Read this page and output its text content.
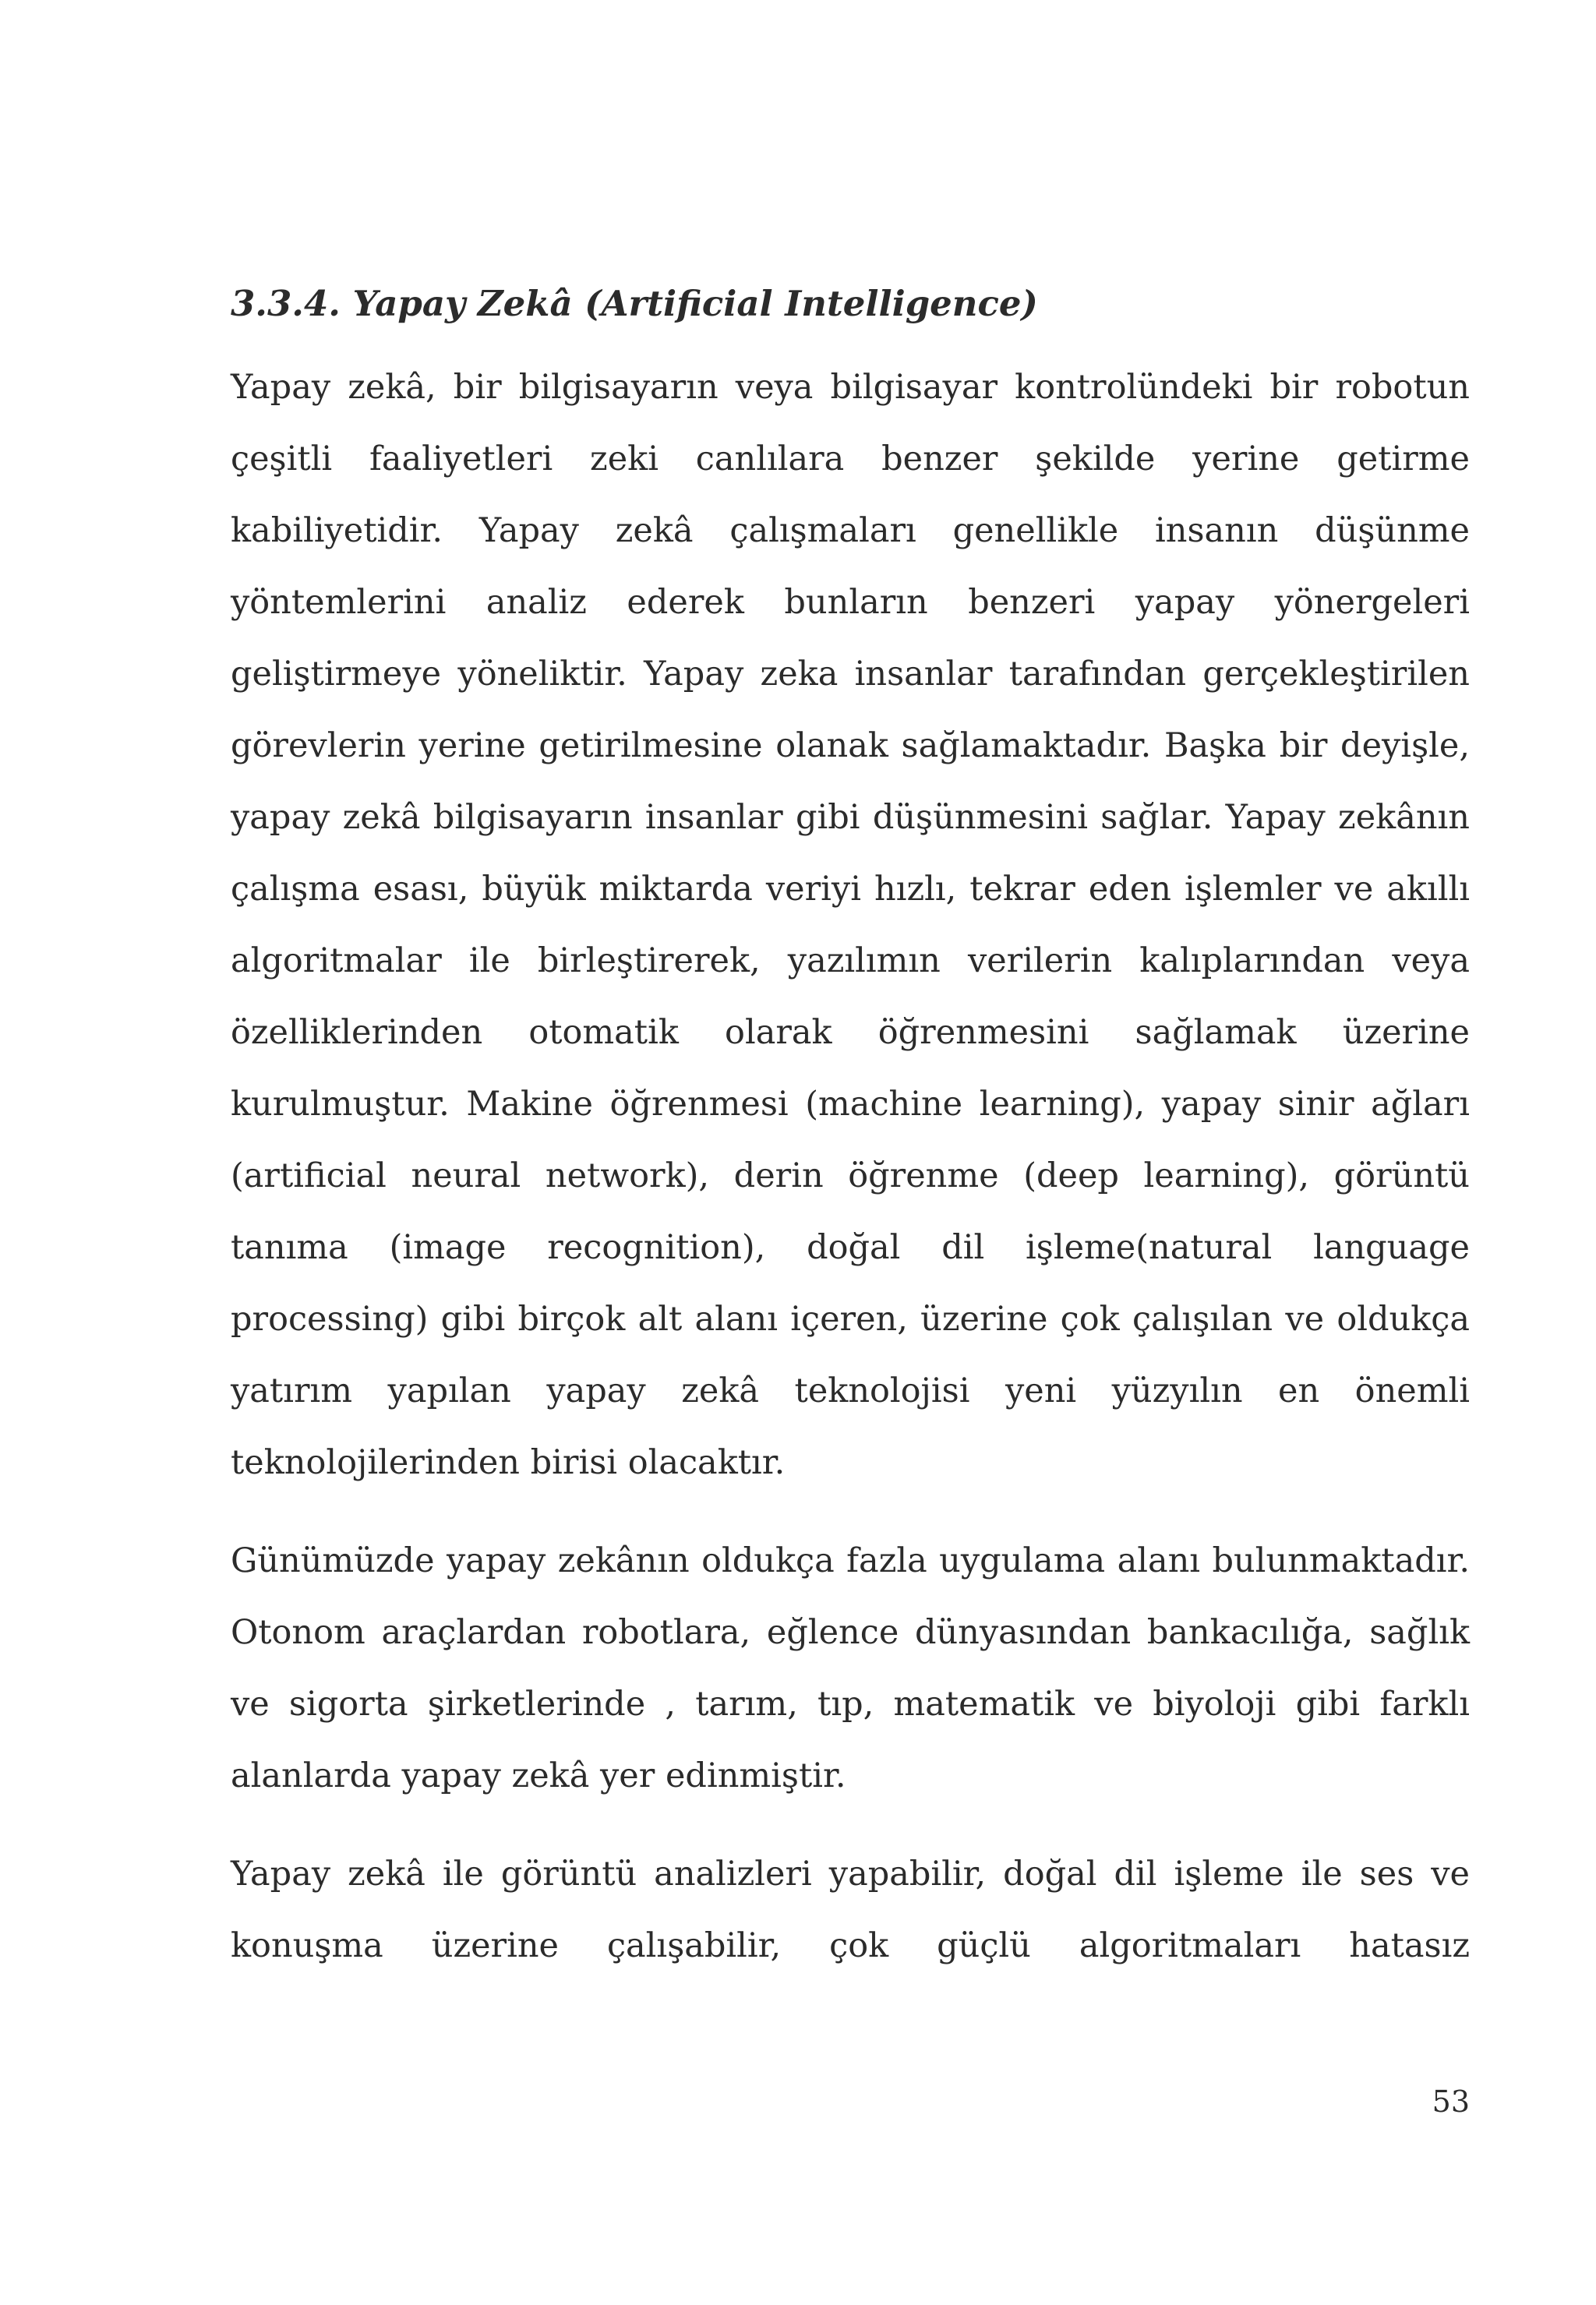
3.3.4. Yapay Zekâ (Artificial Intelligence)

Yapay zekâ, bir bilgisayarın veya bilgisayar kontrolündeki bir robotun çeşitli faaliyetleri zeki canlılara benzer şekilde yerine getirme kabiliyetidir. Yapay zekâ çalışmaları genellikle insanın düşünme yöntemlerini analiz ederek bunların benzeri yapay yönergeleri geliştirmeye yöneliktir. Yapay zeka insanlar tarafından gerçekleştirilen görevlerin yerine getirilmesine olanak sağlamaktadır. Başka bir deyişle, yapay zekâ bilgisayarın insanlar gibi düşünmesini sağlar. Yapay zekânın çalışma esası, büyük miktarda veriyi hızlı, tekrar eden işlemler ve akıllı algoritmalar ile birleştirerek, yazılımın verilerin kalıplarından veya özelliklerinden otomatik olarak öğrenmesini sağlamak üzerine kurulmuştur. Makine öğrenmesi (machine learning), yapay sinir ağları (artificial neural network), derin öğrenme (deep learning), görüntü tanıma (image recognition), doğal dil işleme(natural language processing) gibi birçok alt alanı içeren, üzerine çok çalışılan ve oldukça yatırım yapılan yapay zekâ teknolojisi yeni yüzyılın en önemli teknolojilerinden birisi olacaktır.

Günümüzde yapay zekânın oldukça fazla uygulama alanı bulunmaktadır. Otonom araçlardan robotlara, eğlence dünyasından bankacılığa, sağlık ve sigorta şirketlerinde , tarım, tıp, matematik ve biyoloji gibi farklı alanlarda yapay zekâ yer edinmiştir.

Yapay zekâ ile görüntü analizleri yapabilir, doğal dil işleme ile ses ve konuşma üzerine çalışabilir, çok güçlü algoritmaları hatasız

53
